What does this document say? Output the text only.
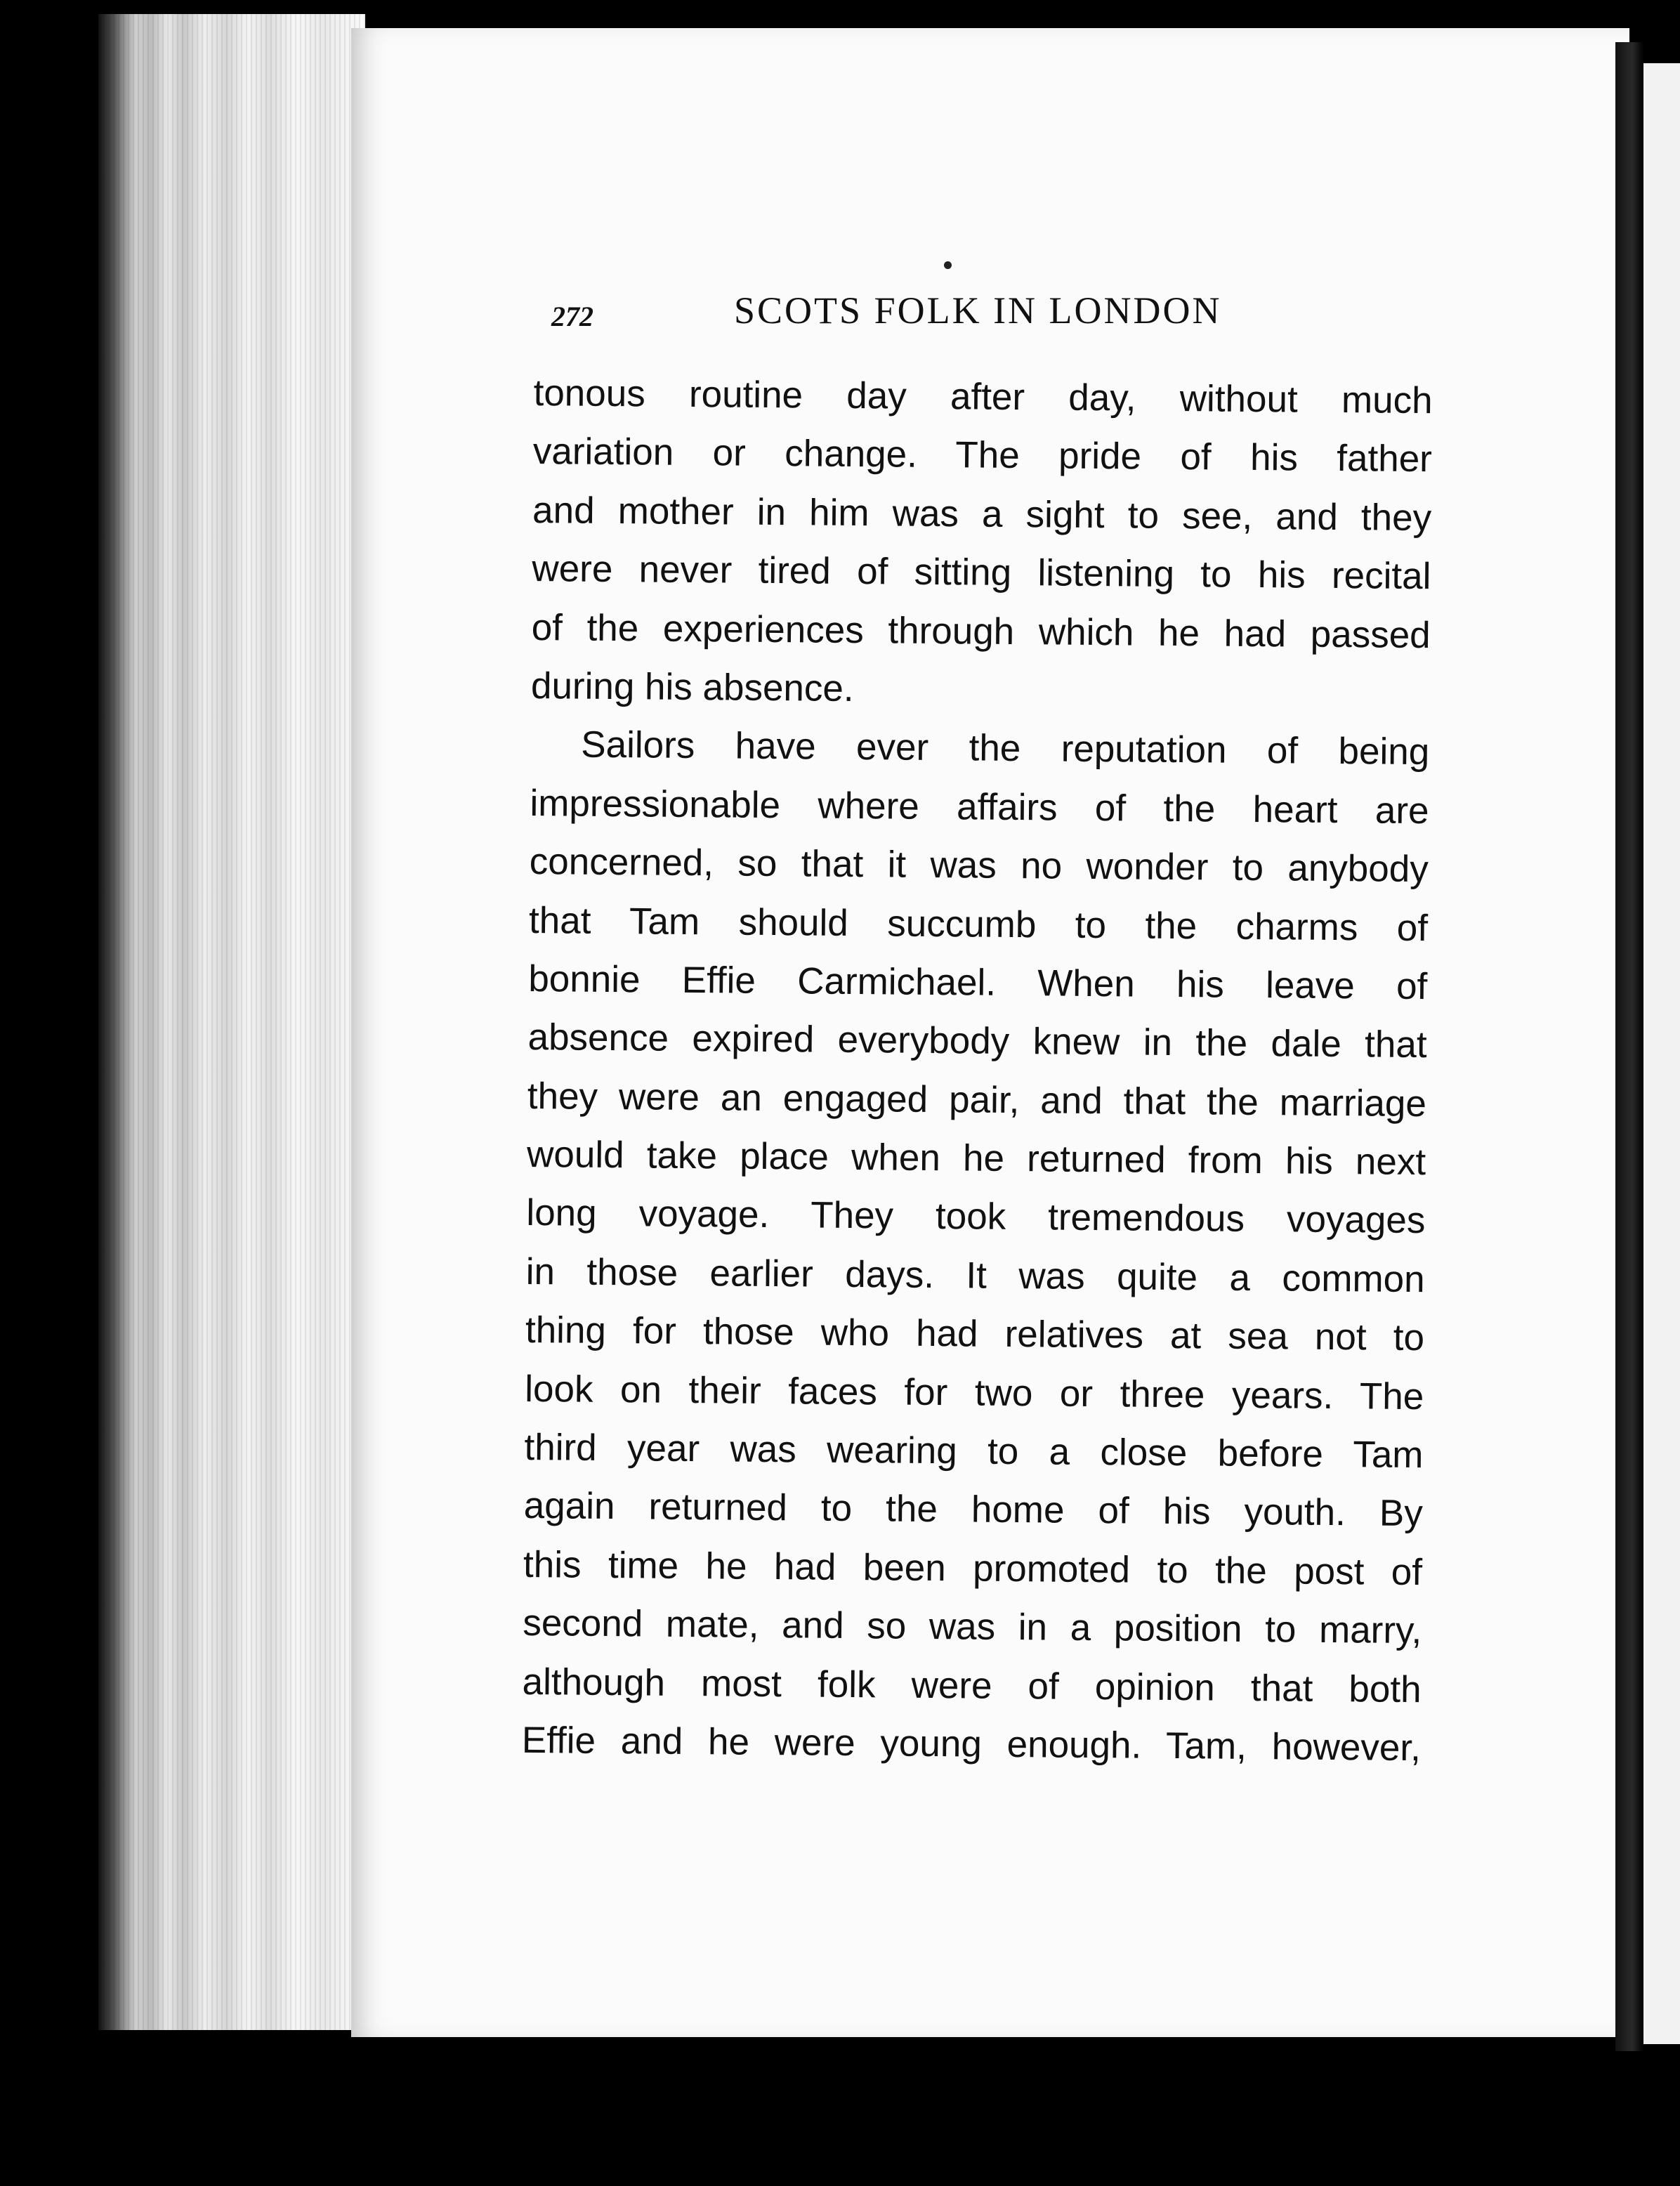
272	SCOTS FOLK IN LONDON
tonous routine day after day, without much
variation or change. The pride of his father
and mother in him was a sight to see, and they
were never tired of sitting listening to his recital
of the experiences through which he had passed
during his absence.
Sailors have ever the reputation of being
impressionable where affairs of the heart are
concerned, so that it was no wonder to anybody
that Tam should succumb to the charms of
bonnie Effie Carmichael. When his leave of
absence expired everybody knew in the dale that
they were an engaged pair, and that the marriage
would take place when he returned from his next
long voyage. They took tremendous voyages
in those earlier days. It was quite a common
thing for those who had relatives at sea not to
look on their faces for two or three years. The
third year was wearing to a close before Tam
again returned to the home of his youth. By
this time he had been promoted to the post of
second mate, and so was in a position to marry,
although most folk were of opinion that both
Effie and he were young enough. Tam, however,
